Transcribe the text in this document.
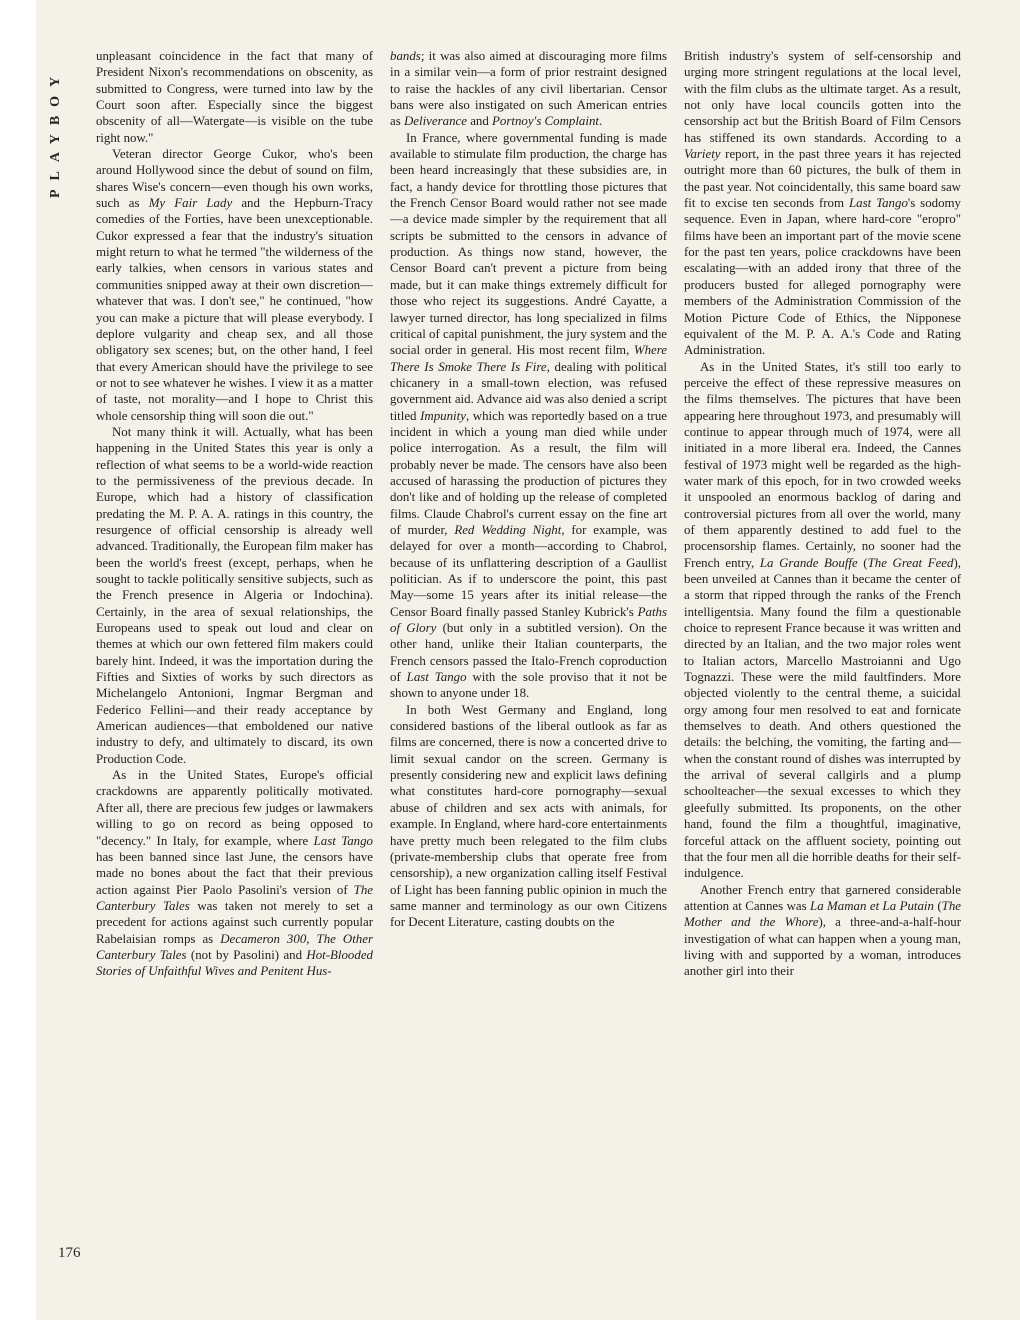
PLAYBOY
176

unpleasant coincidence in the fact that many of President Nixon's recommendations on obscenity, as submitted to Congress, were turned into law by the Court soon after. Especially since the biggest obscenity of all—Watergate—is visible on the tube right now."

Veteran director George Cukor, who's been around Hollywood since the debut of sound on film, shares Wise's concern—even though his own works, such as My Fair Lady and the Hepburn-Tracy comedies of the Forties, have been unexceptionable. Cukor expressed a fear that the industry's situation might return to what he termed "the wilderness of the early talkies, when censors in various states and communities snipped away at their own discretion—whatever that was. I don't see," he continued, "how you can make a picture that will please everybody. I deplore vulgarity and cheap sex, and all those obligatory sex scenes; but, on the other hand, I feel that every American should have the privilege to see or not to see whatever he wishes. I view it as a matter of taste, not morality—and I hope to Christ this whole censorship thing will soon die out."

Not many think it will. Actually, what has been happening in the United States this year is only a reflection of what seems to be a world-wide reaction to the permissiveness of the previous decade. In Europe, which had a history of classification predating the M. P. A. A. ratings in this country, the resurgence of official censorship is already well advanced. Traditionally, the European film maker has been the world's freest (except, perhaps, when he sought to tackle politically sensitive subjects, such as the French presence in Algeria or Indochina). Certainly, in the area of sexual relationships, the Europeans used to speak out loud and clear on themes at which our own fettered film makers could barely hint. Indeed, it was the importation during the Fifties and Sixties of works by such directors as Michelangelo Antonioni, Ingmar Bergman and Federico Fellini—and their ready acceptance by American audiences—that emboldened our native industry to defy, and ultimately to discard, its own Production Code.

As in the United States, Europe's official crackdowns are apparently politically motivated. After all, there are precious few judges or lawmakers willing to go on record as being opposed to "decency." In Italy, for example, where Last Tango has been banned since last June, the censors have made no bones about the fact that their previous action against Pier Paolo Pasolini's version of The Canterbury Tales was taken not merely to set a precedent for actions against such currently popular Rabelaisian romps as Decameron 300, The Other Canterbury Tales (not by Pasolini) and Hot-Blooded Stories of Unfaithful Wives and Penitent Hus-

bands; it was also aimed at discouraging more films in a similar vein—a form of prior restraint designed to raise the hackles of any civil libertarian. Censor bans were also instigated on such American entries as Deliverance and Portnoy's Complaint.

In France, where governmental funding is made available to stimulate film production, the charge has been heard increasingly that these subsidies are, in fact, a handy device for throttling those pictures that the French Censor Board would rather not see made—a device made simpler by the requirement that all scripts be submitted to the censors in advance of production. As things now stand, however, the Censor Board can't prevent a picture from being made, but it can make things extremely difficult for those who reject its suggestions. André Cayatte, a lawyer turned director, has long specialized in films critical of capital punishment, the jury system and the social order in general. His most recent film, Where There Is Smoke There Is Fire, dealing with political chicanery in a small-town election, was refused government aid. Advance aid was also denied a script titled Impunity, which was reportedly based on a true incident in which a young man died while under police interrogation. As a result, the film will probably never be made. The censors have also been accused of harassing the production of pictures they don't like and of holding up the release of completed films. Claude Chabrol's current essay on the fine art of murder, Red Wedding Night, for example, was delayed for over a month—according to Chabrol, because of its unflattering description of a Gaullist politician. As if to underscore the point, this past May—some 15 years after its initial release—the Censor Board finally passed Stanley Kubrick's Paths of Glory (but only in a subtitled version). On the other hand, unlike their Italian counterparts, the French censors passed the Italo-French coproduction of Last Tango with the sole proviso that it not be shown to anyone under 18.

In both West Germany and England, long considered bastions of the liberal outlook as far as films are concerned, there is now a concerted drive to limit sexual candor on the screen. Germany is presently considering new and explicit laws defining what constitutes hard-core pornography—sexual abuse of children and sex acts with animals, for example. In England, where hard-core entertainments have pretty much been relegated to the film clubs (private-membership clubs that operate free from censorship), a new organization calling itself Festival of Light has been fanning public opinion in much the same manner and terminology as our own Citizens for Decent Literature, casting doubts on the

British industry's system of self-censorship and urging more stringent regulations at the local level, with the film clubs as the ultimate target. As a result, not only have local councils gotten into the censorship act but the British Board of Film Censors has stiffened its own standards. According to a Variety report, in the past three years it has rejected outright more than 60 pictures, the bulk of them in the past year. Not coincidentally, this same board saw fit to excise ten seconds from Last Tango's sodomy sequence. Even in Japan, where hard-core "eropro" films have been an important part of the movie scene for the past ten years, police crackdowns have been escalating—with an added irony that three of the producers busted for alleged pornography were members of the Administration Commission of the Motion Picture Code of Ethics, the Nipponese equivalent of the M. P. A. A.'s Code and Rating Administration.

As in the United States, it's still too early to perceive the effect of these repressive measures on the films themselves. The pictures that have been appearing here throughout 1973, and presumably will continue to appear through much of 1974, were all initiated in a more liberal era. Indeed, the Cannes festival of 1973 might well be regarded as the high-water mark of this epoch, for in two crowded weeks it unspooled an enormous backlog of daring and controversial pictures from all over the world, many of them apparently destined to add fuel to the procensorship flames. Certainly, no sooner had the French entry, La Grande Bouffe (The Great Feed), been unveiled at Cannes than it became the center of a storm that ripped through the ranks of the French intelligentsia. Many found the film a questionable choice to represent France because it was written and directed by an Italian, and the two major roles went to Italian actors, Marcello Mastroianni and Ugo Tognazzi. These were the mild faultfinders. More objected violently to the central theme, a suicidal orgy among four men resolved to eat and fornicate themselves to death. And others questioned the details: the belching, the vomiting, the farting and—when the constant round of dishes was interrupted by the arrival of several callgirls and a plump schoolteacher—the sexual excesses to which they gleefully submitted. Its proponents, on the other hand, found the film a thoughtful, imaginative, forceful attack on the affluent society, pointing out that the four men all die horrible deaths for their self-indulgence.

Another French entry that garnered considerable attention at Cannes was La Maman et La Putain (The Mother and the Whore), a three-and-a-half-hour investigation of what can happen when a young man, living with and supported by a woman, introduces another girl into their
